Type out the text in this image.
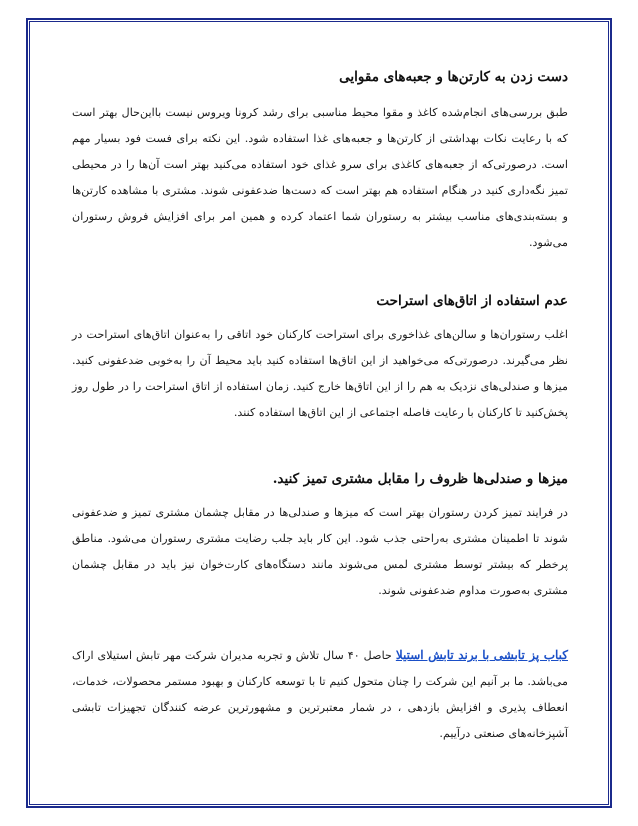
دست زدن به کارتن‌ها و جعبه‌های مقوایی

طبق بررسی‌های انجام‌شده کاغذ و مقوا محیط مناسبی برای رشد کرونا ویروس نیست بااین‌حال بهتر است که با رعایت نکات بهداشتی از کارتن‌ها و جعبه‌های غذا استفاده شود. این نکته برای فست فود بسیار مهم است. درصورتی‌که از جعبه‌های کاغذی برای سرو غذای خود استفاده می‌کنید بهتر است آن‌ها را در محیطی تمیز نگه‌داری کنید در هنگام استفاده هم بهتر است که دست‌ها ضدعفونی شوند. مشتری با مشاهده کارتن‌ها و بسته‌بندی‌های مناسب بیشتر به رستوران شما اعتماد کرده و همین امر برای افزایش فروش رستوران می‌شود.

عدم استفاده از اتاق‌های استراحت

اغلب رستوران‌ها و سالن‌های غذاخوری برای استراحت کارکنان خود اتاقی را به‌عنوان اتاق‌های استراحت در نظر می‌گیرند. درصورتی‌که می‌خواهید از این اتاق‌ها استفاده کنید باید محیط آن را به‌خوبی ضدعفونی کنید. میزها و صندلی‌های نزدیک به هم را از این اتاق‌ها خارج کنید. زمان استفاده از اتاق استراحت را در طول روز پخش‌کنید تا کارکنان با رعایت فاصله اجتماعی از این اتاق‌ها استفاده کنند.

میزها و صندلی‌ها ظروف را مقابل مشتری تمیز کنید.

در فرایند تمیز کردن رستوران بهتر است که میزها و صندلی‌ها در مقابل چشمان مشتری تمیز و ضدعفونی شوند تا اطمینان مشتری به‌راحتی جذب شود. این کار باید جلب رضایت مشتری رستوران می‌شود. مناطق پرخطر که بیشتر توسط مشتری لمس می‌شوند مانند دستگاه‌های کارت‌خوان نیز باید در مقابل چشمان مشتری به‌صورت مداوم ضدعفونی شوند.

کباب پز تابشی با برند تابش استیلا حاصل ۴۰ سال تلاش و تجربه مدیران شرکت مهر تابش استیلای اراک می‌باشد. ما بر آنیم این شرکت را چنان متحول کنیم تا با توسعه کارکنان و بهبود مستمر محصولات، خدمات، انعطاف پذیری و افزایش بازدهی ، در شمار معتبرترین و مشهورترین عرضه کنندگان تجهیزات تابشی آشپزخانه‌های صنعتی درآییم.
